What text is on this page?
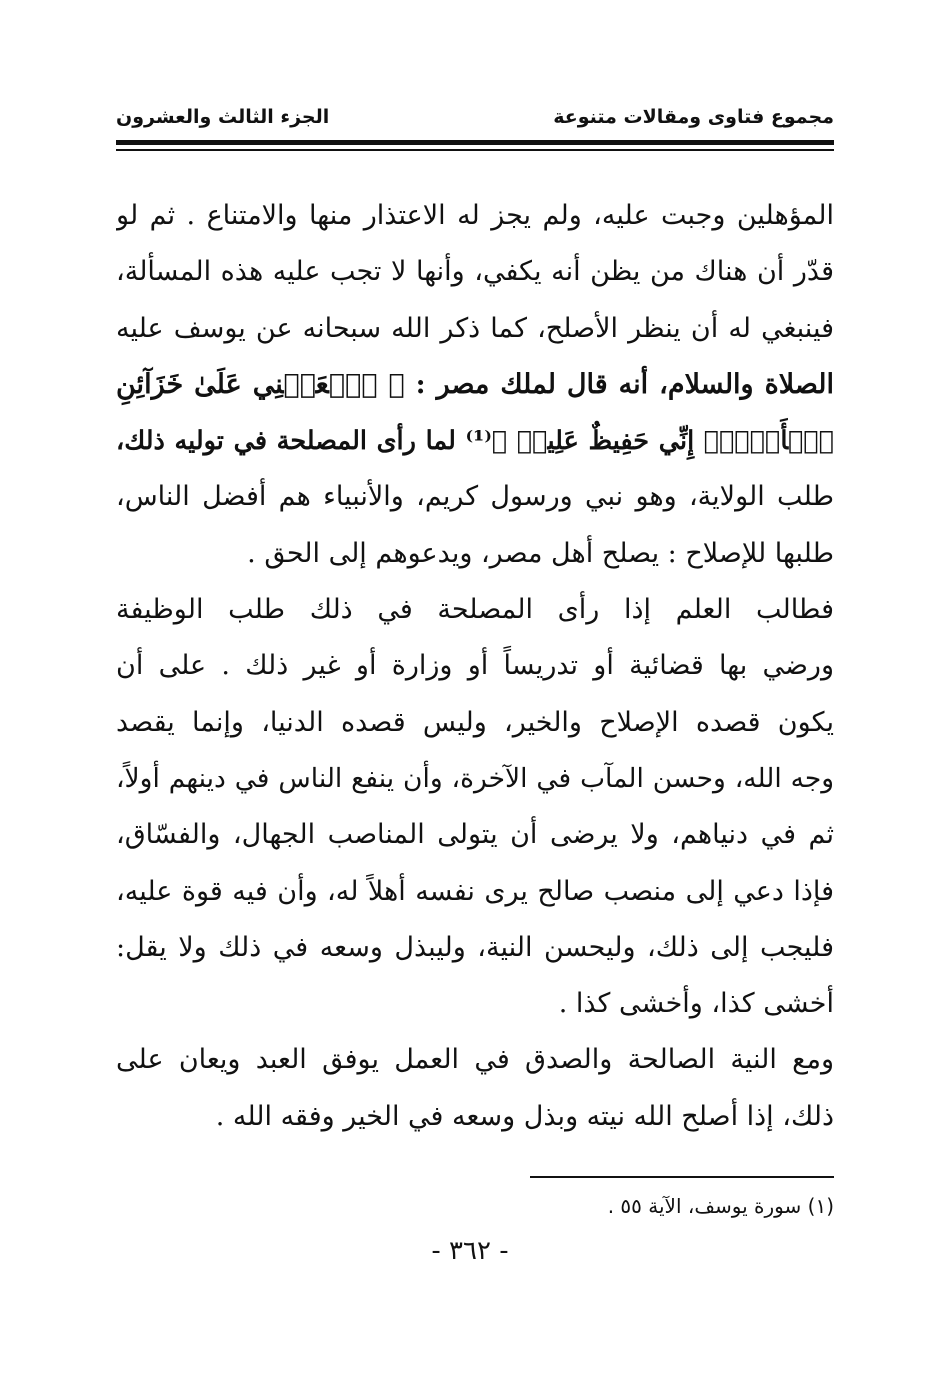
مجموع فتاوى ومقالات متنوعة
الجزء الثالث والعشرون
المؤهلين وجبت عليه، ولم يجز له الاعتذار منها والامتناع . ثم لو
قدّر أن هناك من يظن أنه يكفي، وأنها لا تجب عليه هذه المسألة،
فينبغي له أن ينظر الأصلح، كما ذكر الله سبحانه عن يوسف عليه
الصلاة والسلام، أنه قال لملك مصر : ﴿ ٱجۡعَلۡنِي عَلَىٰ خَزَآئِنِ
ٱلۡأَرۡضِۖ إِنِّي حَفِيظٌ عَلِيمٞ ﴾⁽¹⁾ لما رأى المصلحة في توليه ذلك،
طلب الولاية، وهو نبي ورسول كريم، والأنبياء هم أفضل الناس،
طلبها للإصلاح : يصلح أهل مصر، ويدعوهم إلى الحق .
فطالب العلم إذا رأى المصلحة في ذلك طلب الوظيفة
ورضي بها قضائية أو تدريساً أو وزارة أو غير ذلك . على أن
يكون قصده الإصلاح والخير، وليس قصده الدنيا، وإنما يقصد
وجه الله، وحسن المآب في الآخرة، وأن ينفع الناس في دينهم أولاً،
ثم في دنياهم، ولا يرضى أن يتولى المناصب الجهال، والفسّاق،
فإذا دعي إلى منصب صالح يرى نفسه أهلاً له، وأن فيه قوة عليه،
فليجب إلى ذلك، وليحسن النية، وليبذل وسعه في ذلك ولا يقل:
أخشى كذا، وأخشى كذا .
ومع النية الصالحة والصدق في العمل يوفق العبد ويعان على
ذلك، إذا أصلح الله نيته وبذل وسعه في الخير وفقه الله .
(١) سورة يوسف، الآية ٥٥ .
- ٣٦٢ -
